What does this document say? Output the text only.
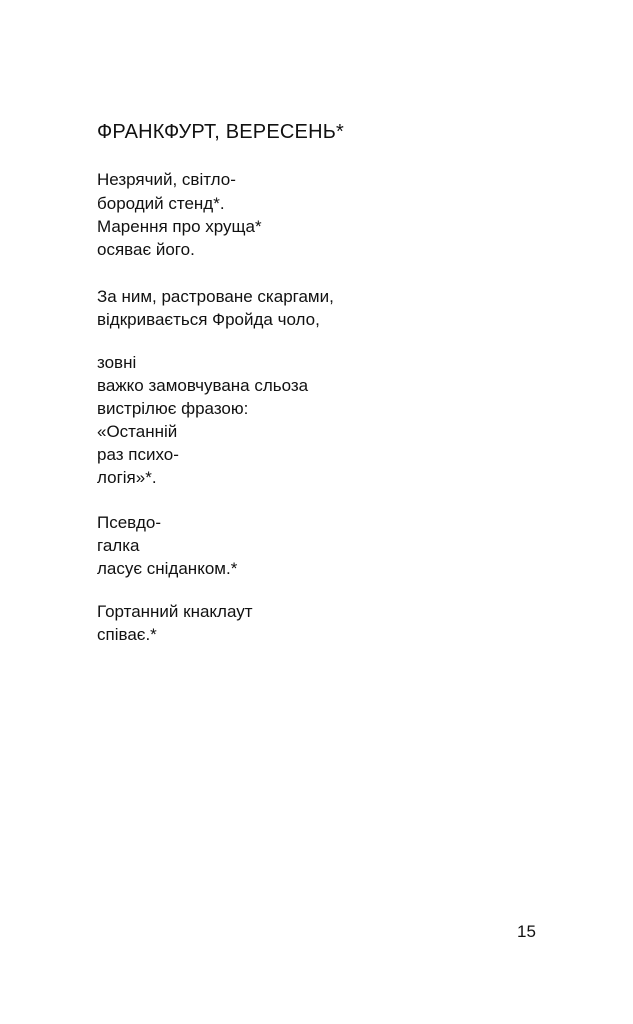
ФРАНКФУРТ, ВЕРЕСЕНЬ*
Незрячий, світло-
бородий стенд*.
Марення про хруща*
осяває його.
За ним, растроване скаргами,
відкривається Фройда чоло,
зовні
важко замовчувана сльоза
вистрілює фразою:
«Останній
раз психо-
логія»*.
Псевдо-
галка
ласує сніданком.*
Гортанний кнаклаут
співає.*
15
